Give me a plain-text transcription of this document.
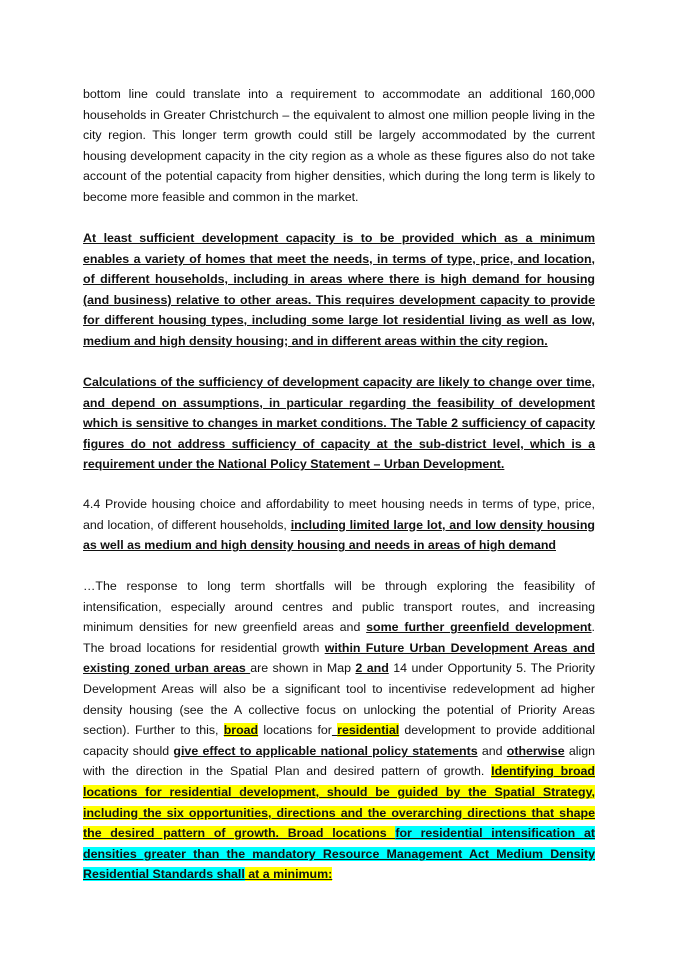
bottom line could translate into a requirement to accommodate an additional 160,000 households in Greater Christchurch – the equivalent to almost one million people living in the city region. This longer term growth could still be largely accommodated by the current housing development capacity in the city region as a whole as these figures also do not take account of the potential capacity from higher densities, which during the long term is likely to become more feasible and common in the market.

At least sufficient development capacity is to be provided which as a minimum enables a variety of homes that meet the needs, in terms of type, price, and location, of different households, including in areas where there is high demand for housing (and business) relative to other areas. This requires development capacity to provide for different housing types, including some large lot residential living as well as low, medium and high density housing; and in different areas within the city region.

Calculations of the sufficiency of development capacity are likely to change over time, and depend on assumptions, in particular regarding the feasibility of development which is sensitive to changes in market conditions. The Table 2 sufficiency of capacity figures do not address sufficiency of capacity at the sub-district level, which is a requirement under the National Policy Statement – Urban Development.

4.4 Provide housing choice and affordability to meet housing needs in terms of type, price, and location, of different households, including limited large lot, and low density housing as well as medium and high density housing and needs in areas of high demand

…The response to long term shortfalls will be through exploring the feasibility of intensification, especially around centres and public transport routes, and increasing minimum densities for new greenfield areas and some further greenfield development. The broad locations for residential growth within Future Urban Development Areas and existing zoned urban areas are shown in Map 2 and 14 under Opportunity 5. The Priority Development Areas will also be a significant tool to incentivise redevelopment ad higher density housing (see the A collective focus on unlocking the potential of Priority Areas section). Further to this, broad locations for residential development to provide additional capacity should give effect to applicable national policy statements and otherwise align with the direction in the Spatial Plan and desired pattern of growth. Identifying broad locations for residential development, should be guided by the Spatial Strategy, including the six opportunities, directions and the overarching directions that shape the desired pattern of growth. Broad locations for residential intensification at densities greater than the mandatory Resource Management Act Medium Density Residential Standards shall at a minimum:
